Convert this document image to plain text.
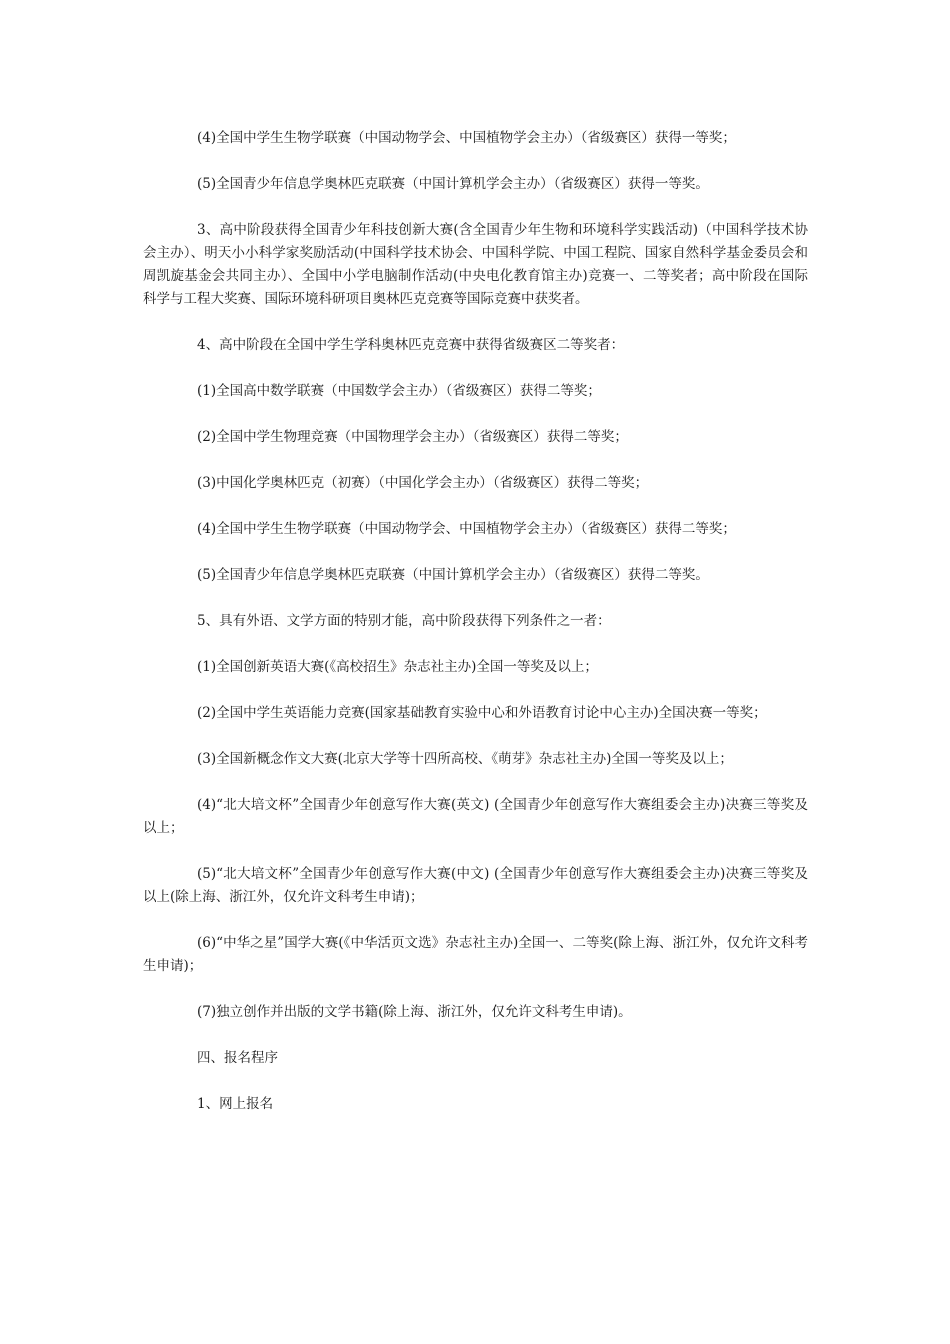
(4)全国中学生生物学联赛（中国动物学会、中国植物学会主办）（省级赛区）获得一等奖；

(5)全国青少年信息学奥林匹克联赛（中国计算机学会主办）（省级赛区）获得一等奖。

3、高中阶段获得全国青少年科技创新大赛(含全国青少年生物和环境科学实践活动)（中国科学技术协会主办）、明天小小科学家奖励活动(中国科学技术协会、中国科学院、中国工程院、国家自然科学基金委员会和周凯旋基金会共同主办）、全国中小学电脑制作活动(中央电化教育馆主办)竞赛一、二等奖者；高中阶段在国际科学与工程大奖赛、国际环境科研项目奥林匹克竞赛等国际竞赛中获奖者。

4、高中阶段在全国中学生学科奥林匹克竞赛中获得省级赛区二等奖者：

(1)全国高中数学联赛（中国数学会主办）（省级赛区）获得二等奖；

(2)全国中学生物理竞赛（中国物理学会主办）（省级赛区）获得二等奖；

(3)中国化学奥林匹克（初赛）（中国化学会主办）（省级赛区）获得二等奖；

(4)全国中学生生物学联赛（中国动物学会、中国植物学会主办）（省级赛区）获得二等奖；

(5)全国青少年信息学奥林匹克联赛（中国计算机学会主办）（省级赛区）获得二等奖。

5、具有外语、文学方面的特别才能，高中阶段获得下列条件之一者：

(1)全国创新英语大赛(《高校招生》杂志社主办)全国一等奖及以上；

(2)全国中学生英语能力竞赛(国家基础教育实验中心和外语教育讨论中心主办)全国决赛一等奖；

(3)全国新概念作文大赛(北京大学等十四所高校、《萌芽》杂志社主办)全国一等奖及以上；

(4)“北大培文杯”全国青少年创意写作大赛(英文) (全国青少年创意写作大赛组委会主办)决赛三等奖及以上；

(5)“北大培文杯”全国青少年创意写作大赛(中文) (全国青少年创意写作大赛组委会主办)决赛三等奖及以上(除上海、浙江外，仅允许文科考生申请)；

(6)“中华之星”国学大赛(《中华活页文选》杂志社主办)全国一、二等奖(除上海、浙江外，仅允许文科考生申请)；

(7)独立创作并出版的文学书籍(除上海、浙江外，仅允许文科考生申请)。

四、报名程序

1、网上报名
